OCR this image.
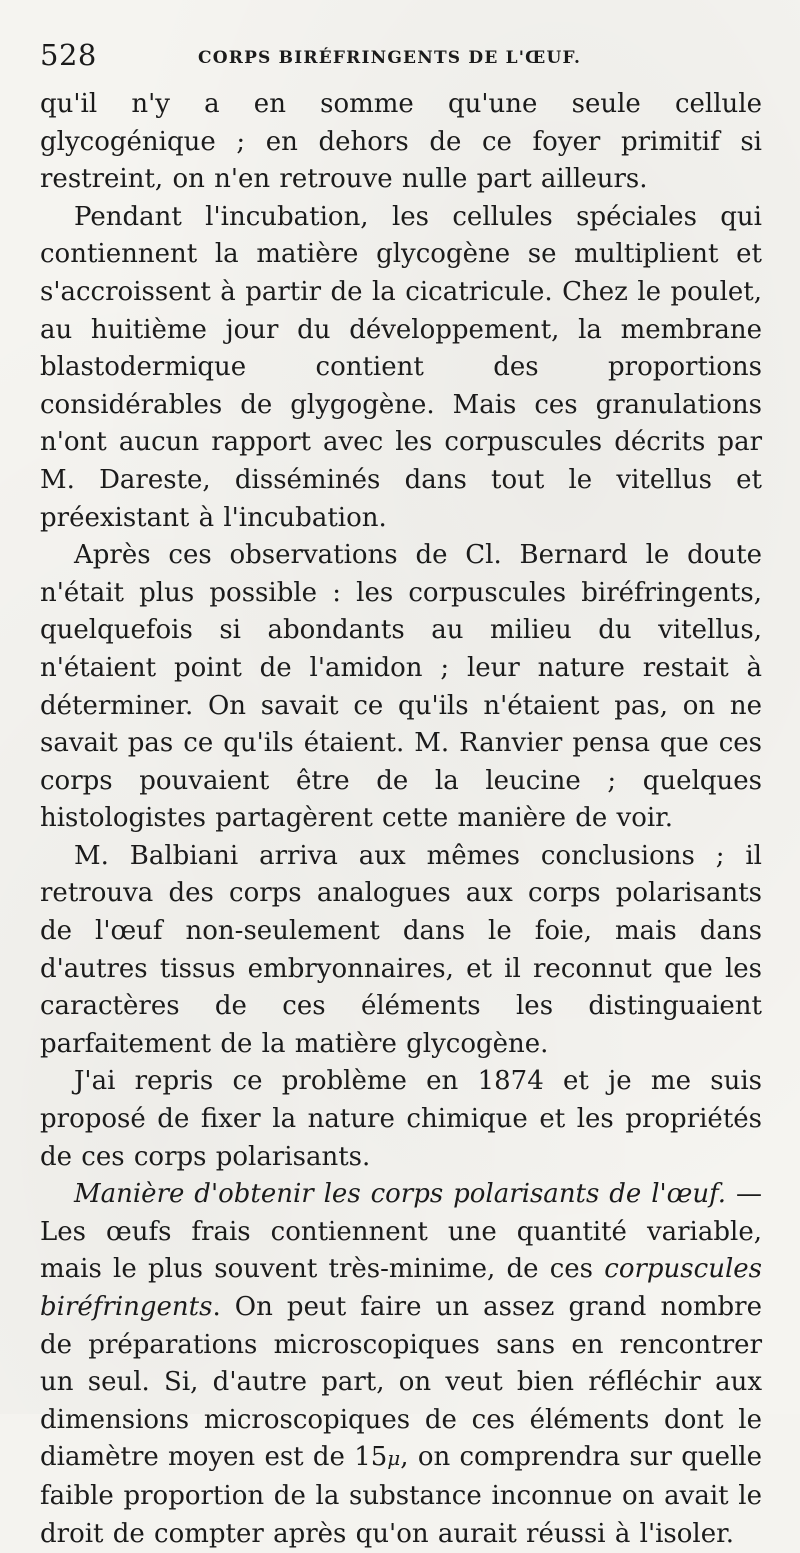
528	CORPS BIRÉFRINGENTS DE L'ŒUF.

qu'il n'y a en somme qu'une seule cellule glycogénique ; en dehors de ce foyer primitif si restreint, on n'en retrouve nulle part ailleurs.

Pendant l'incubation, les cellules spéciales qui contiennent la matière glycogène se multiplient et s'accroissent à partir de la cicatricule. Chez le poulet, au huitième jour du développement, la membrane blastodermique contient des proportions considérables de glygogène. Mais ces granulations n'ont aucun rapport avec les corpuscules décrits par M. Dareste, disséminés dans tout le vitellus et préexistant à l'incubation.

Après ces observations de Cl. Bernard le doute n'était plus possible : les corpuscules biréfringents, quelquefois si abondants au milieu du vitellus, n'étaient point de l'amidon ; leur nature restait à déterminer. On savait ce qu'ils n'étaient pas, on ne savait pas ce qu'ils étaient. M. Ranvier pensa que ces corps pouvaient être de la leucine ; quelques histologistes partagèrent cette manière de voir.

M. Balbiani arriva aux mêmes conclusions ; il retrouva des corps analogues aux corps polarisants de l'œuf non-seulement dans le foie, mais dans d'autres tissus embryonnaires, et il reconnut que les caractères de ces éléments les distinguaient parfaitement de la matière glycogène.

J'ai repris ce problème en 1874 et je me suis proposé de fixer la nature chimique et les propriétés de ces corps polarisants.

Manière d'obtenir les corps polarisants de l'œuf. — Les œufs frais contiennent une quantité variable, mais le plus souvent très-minime, de ces corpuscules biréfringents. On peut faire un assez grand nombre de préparations microscopiques sans en rencontrer un seul. Si, d'autre part, on veut bien réfléchir aux dimensions microscopiques de ces éléments dont le diamètre moyen est de 15μ, on comprendra sur quelle faible proportion de la substance inconnue on avait le droit de compter après qu'on aurait réussi à l'isoler.
